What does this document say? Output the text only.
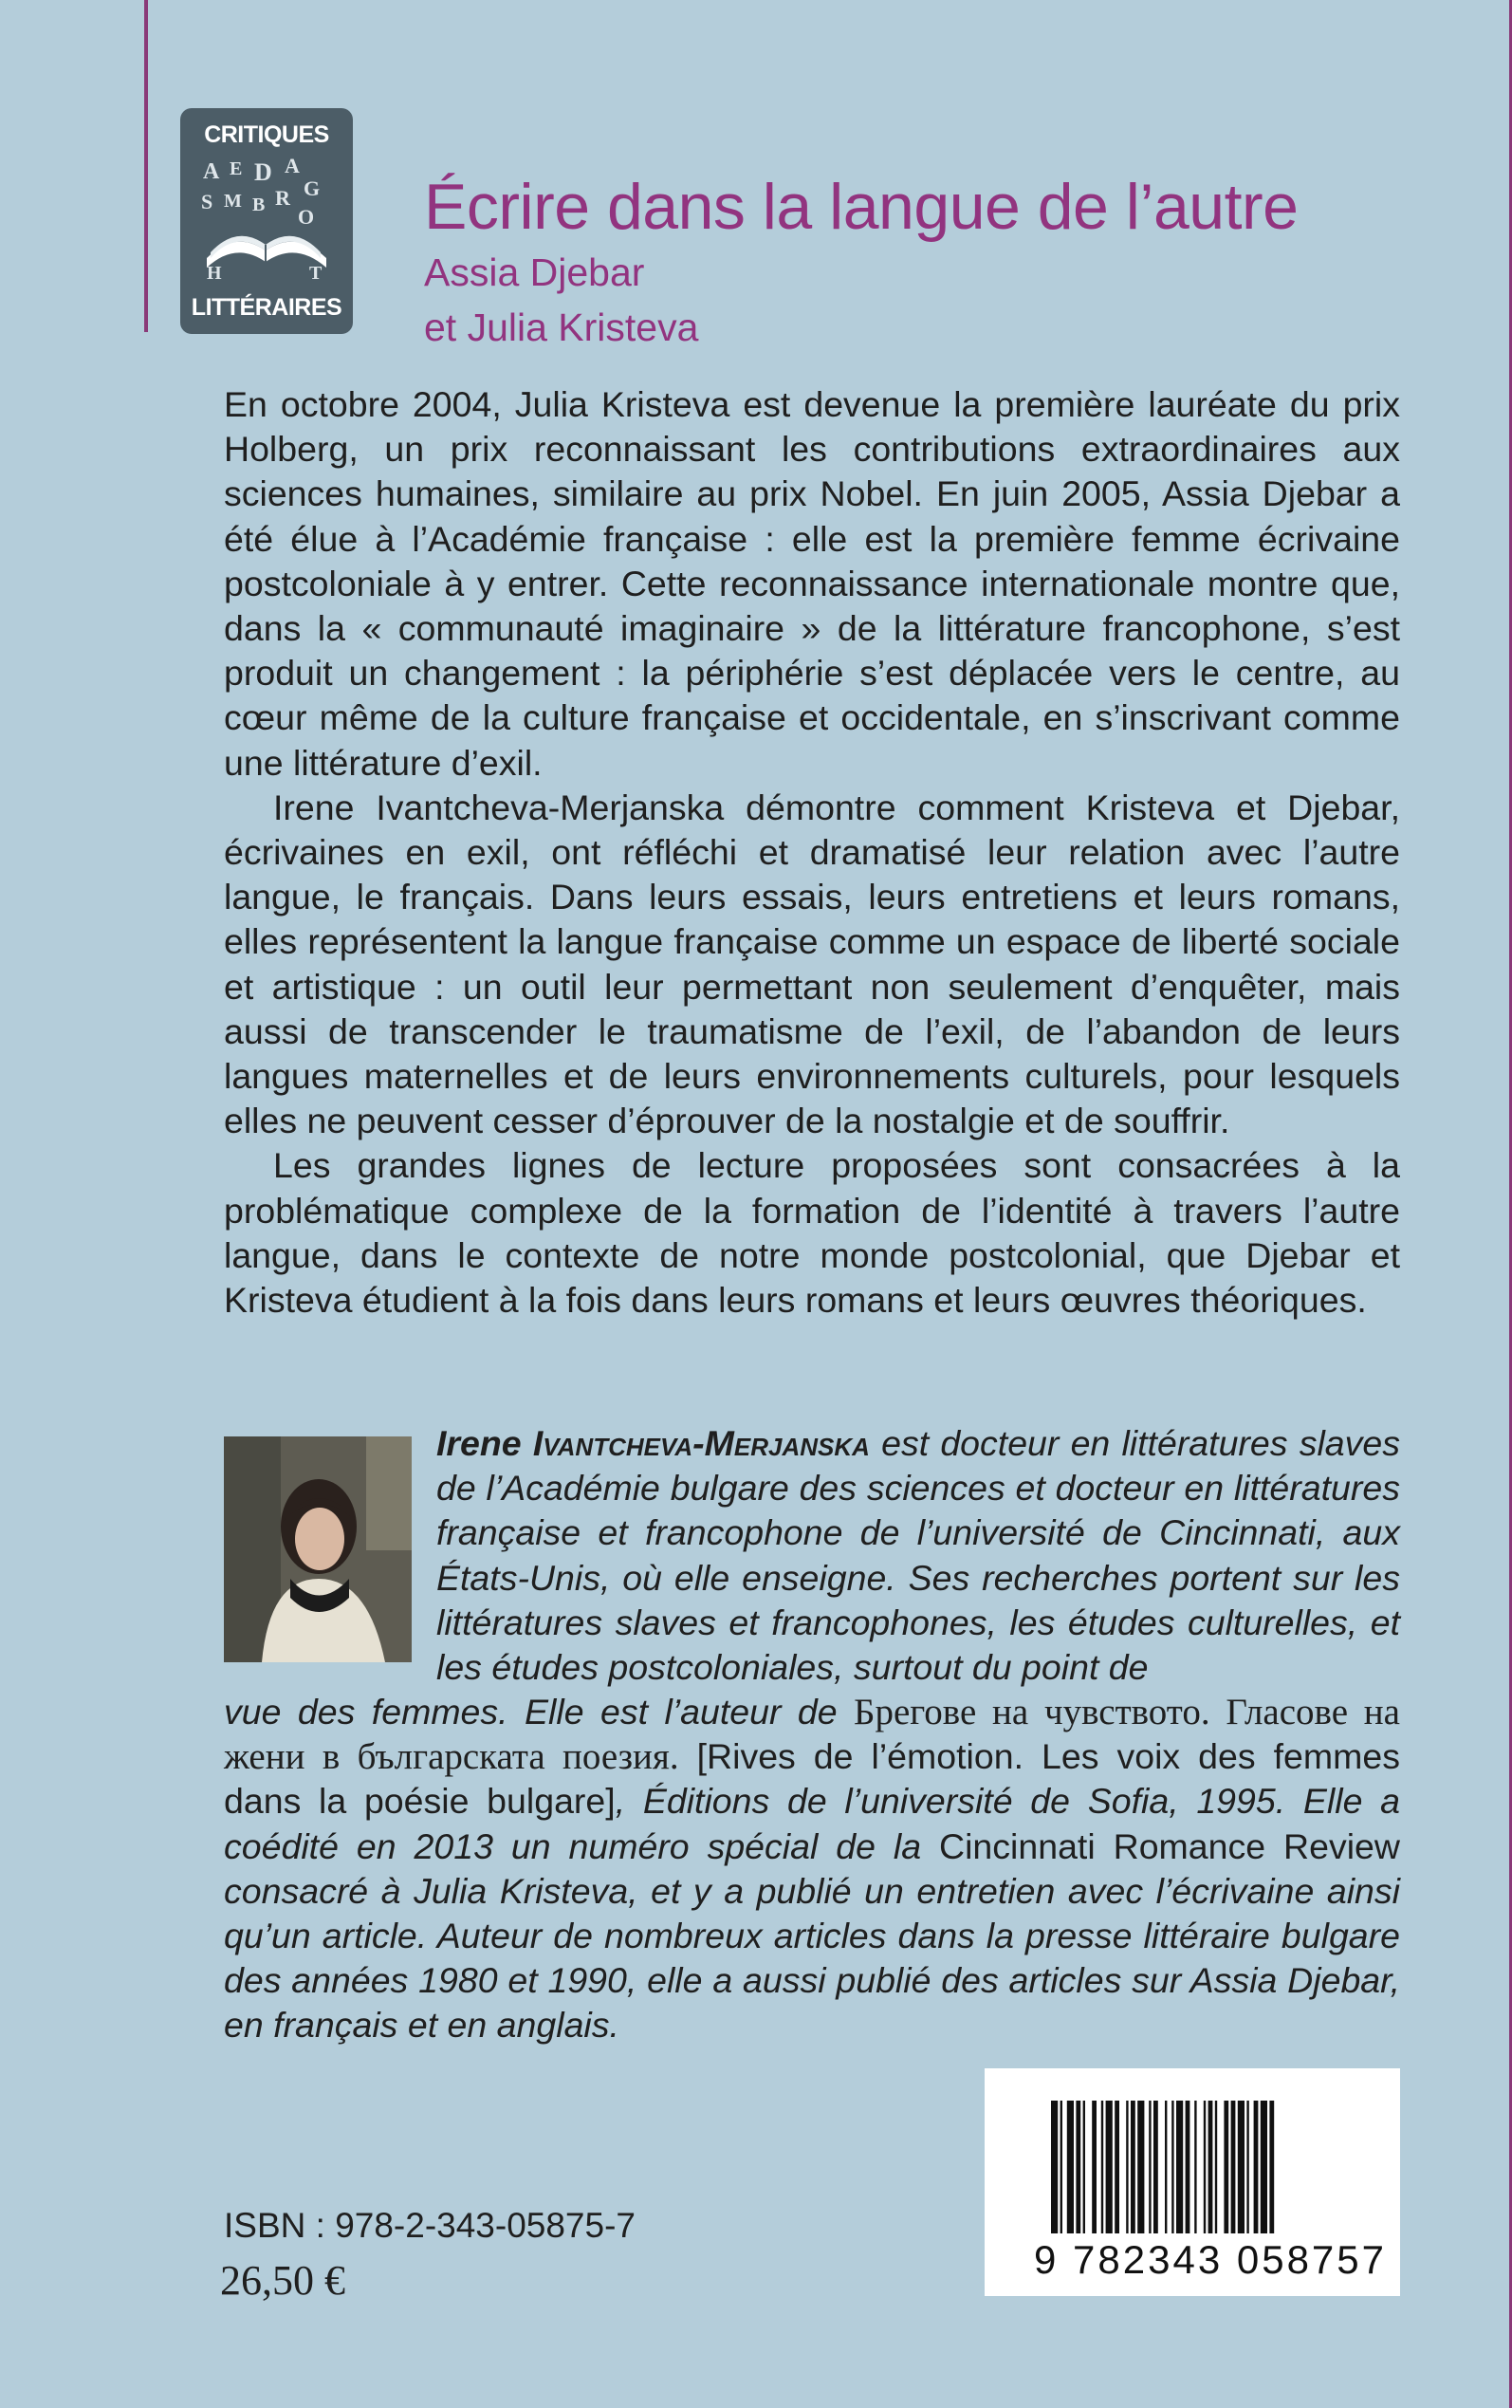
CRITIQUES
A E D A
G
S M B R
O
H	T
LITTÉRAIRES
Écrire dans la langue de l’autre
Assia Djebar
et Julia Kristeva

En octobre 2004, Julia Kristeva est devenue la première lauréate du prix Holberg, un prix reconnaissant les contributions extraordinaires aux sciences humaines, similaire au prix Nobel. En juin 2005, Assia Djebar a été élue à l’Académie française : elle est la première femme écrivaine postcoloniale à y entrer. Cette reconnaissance internationale montre que, dans la « communauté imaginaire » de la littérature francophone, s’est produit un changement : la périphérie s’est déplacée vers le centre, au cœur même de la culture française et occidentale, en s’inscrivant comme une littérature d’exil.

Irene Ivantcheva-Merjanska démontre comment Kristeva et Djebar, écrivaines en exil, ont réfléchi et dramatisé leur relation avec l’autre langue, le français. Dans leurs essais, leurs entretiens et leurs romans, elles représentent la langue française comme un espace de liberté sociale et artistique : un outil leur permettant non seulement d’enquêter, mais aussi de transcender le traumatisme de l’exil, de l’abandon de leurs langues maternelles et de leurs environnements culturels, pour lesquels elles ne peuvent cesser d’éprouver de la nostalgie et de souffrir.

Les grandes lignes de lecture proposées sont consacrées à la problématique complexe de la formation de l’identité à travers l’autre langue, dans le contexte de notre monde postcolonial, que Djebar et Kristeva étudient à la fois dans leurs romans et leurs œuvres théoriques.

Irene Ivantcheva-Merjanska est docteur en littératures slaves de l’Académie bulgare des sciences et docteur en littératures française et francophone de l’université de Cincinnati, aux États-Unis, où elle enseigne. Ses recherches portent sur les littératures slaves et francophones, les études culturelles, et les études postcoloniales, surtout du point de

vue des femmes. Elle est l’auteur de Брегове на чувството. Гласове на жени в българската поезия. [Rives de l’émotion. Les voix des femmes dans la poésie bulgare], Éditions de l’université de Sofia, 1995. Elle a coédité en 2013 un numéro spécial de la Cincinnati Romance Review consacré à Julia Kristeva, et y a publié un entretien avec l’écrivaine ainsi qu’un article. Auteur de nombreux articles dans la presse littéraire bulgare des années 1980 et 1990, elle a aussi publié des articles sur Assia Djebar, en français et en anglais.

9 782343 058757
ISBN : 978-2-343-05875-7
26,50 €
